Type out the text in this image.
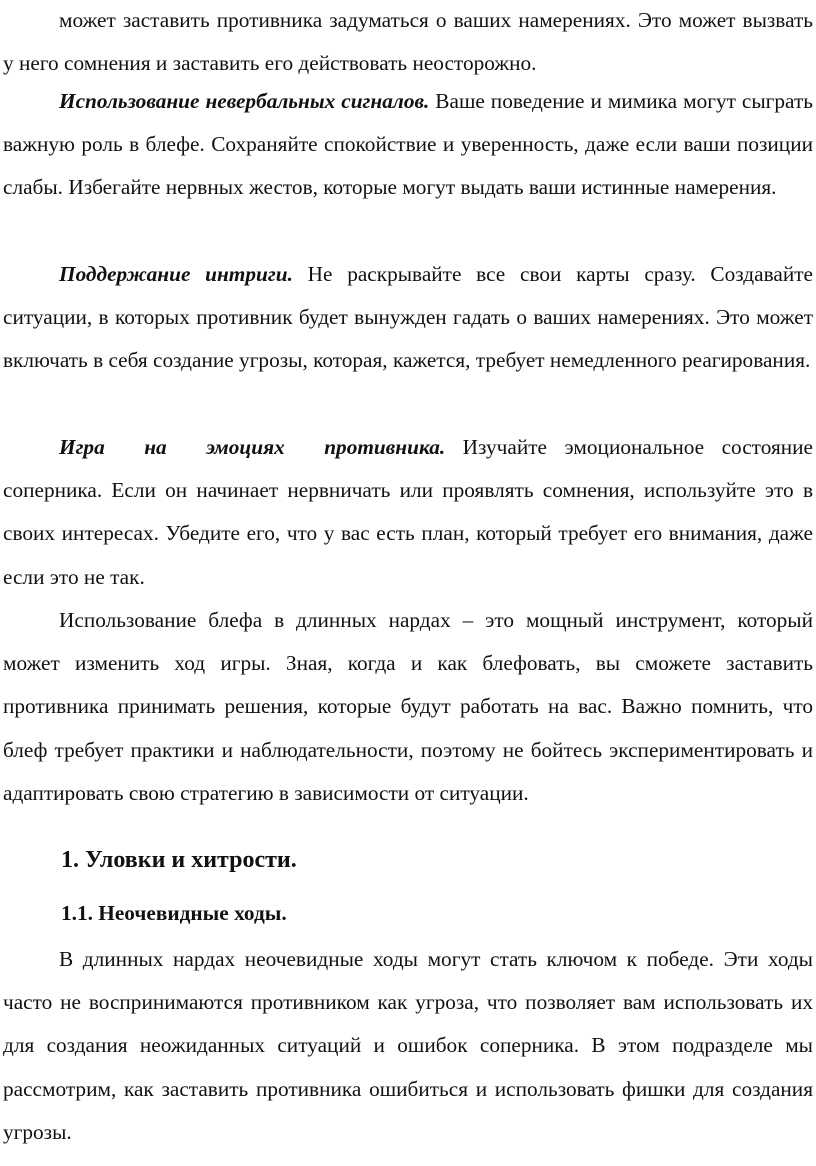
может заставить противника задуматься о ваших намерениях. Это может вызвать у него сомнения и заставить его действовать неосторожно.

Использование невербальных сигналов. Ваше поведение и мимика могут сыграть важную роль в блефе. Сохраняйте спокойствие и уверенность, даже если ваши позиции слабы. Избегайте нервных жестов, которые могут выдать ваши истинные намерения.

Поддержание интриги. Не раскрывайте все свои карты сразу. Создавайте ситуации, в которых противник будет вынужден гадать о ваших намерениях. Это может включать в себя создание угрозы, которая, кажется, требует немедленного реагирования.

Игра на эмоциях противника. Изучайте эмоциональное состояние соперника. Если он начинает нервничать или проявлять сомнения, используйте это в своих интересах. Убедите его, что у вас есть план, который требует его внимания, даже если это не так.

Использование блефа в длинных нардах – это мощный инструмент, который может изменить ход игры. Зная, когда и как блефовать, вы сможете заставить противника принимать решения, которые будут работать на вас. Важно помнить, что блеф требует практики и наблюдательности, поэтому не бойтесь экспериментировать и адаптировать свою стратегию в зависимости от ситуации.

1. Уловки и хитрости.
1.1. Неочевидные ходы.

В длинных нардах неочевидные ходы могут стать ключом к победе. Эти ходы часто не воспринимаются противником как угроза, что позволяет вам использовать их для создания неожиданных ситуаций и ошибок соперника. В этом подразделе мы рассмотрим, как заставить противника ошибиться и использовать фишки для создания угрозы.
